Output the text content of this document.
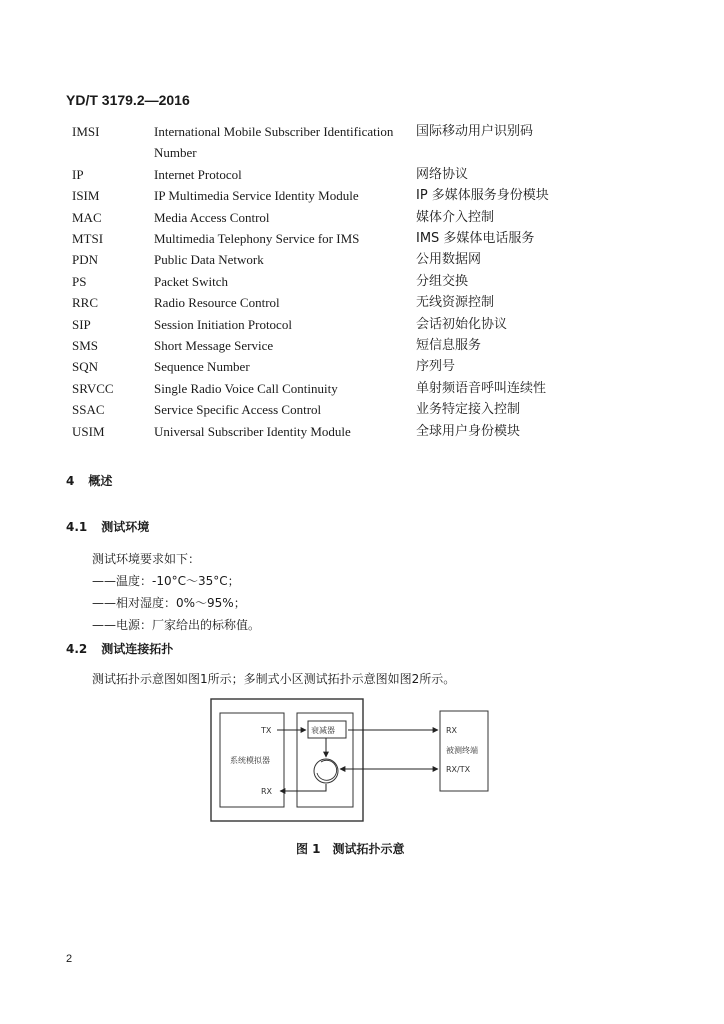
YD/T 3179.2—2016
IMSI	International Mobile Subscriber Identification	国际移动用户识别码
	Number	
IP	Internet Protocol	网络协议
ISIM	IP Multimedia Service Identity Module	IP 多媒体服务身份模块
MAC	Media Access Control	媒体介入控制
MTSI	Multimedia Telephony Service for IMS	IMS 多媒体电话服务
PDN	Public Data Network	公用数据网
PS	Packet Switch	分组交换
RRC	Radio Resource Control	无线资源控制
SIP	Session Initiation Protocol	会话初始化协议
SMS	Short Message Service	短信息服务
SQN	Sequence Number	序列号
SRVCC	Single Radio Voice Call Continuity	单射频语音呼叫连续性
SSAC	Service Specific Access Control	业务特定接入控制
USIM	Universal Subscriber Identity Module	全球用户身份模块
4 概述
4.1 测试环境
测试环境要求如下：
——温度：-10°C～35°C；
——相对湿度：0%～95%；
——电源：厂家给出的标称值。
4.2 测试连接拓扑
测试拓扑示意图如图1所示；多制式小区测试拓扑示意图如图2所示。
TX
系统模拟器
RX
衰减器	RX
被测终端
RX/TX
图 1　测试拓扑示意
2
